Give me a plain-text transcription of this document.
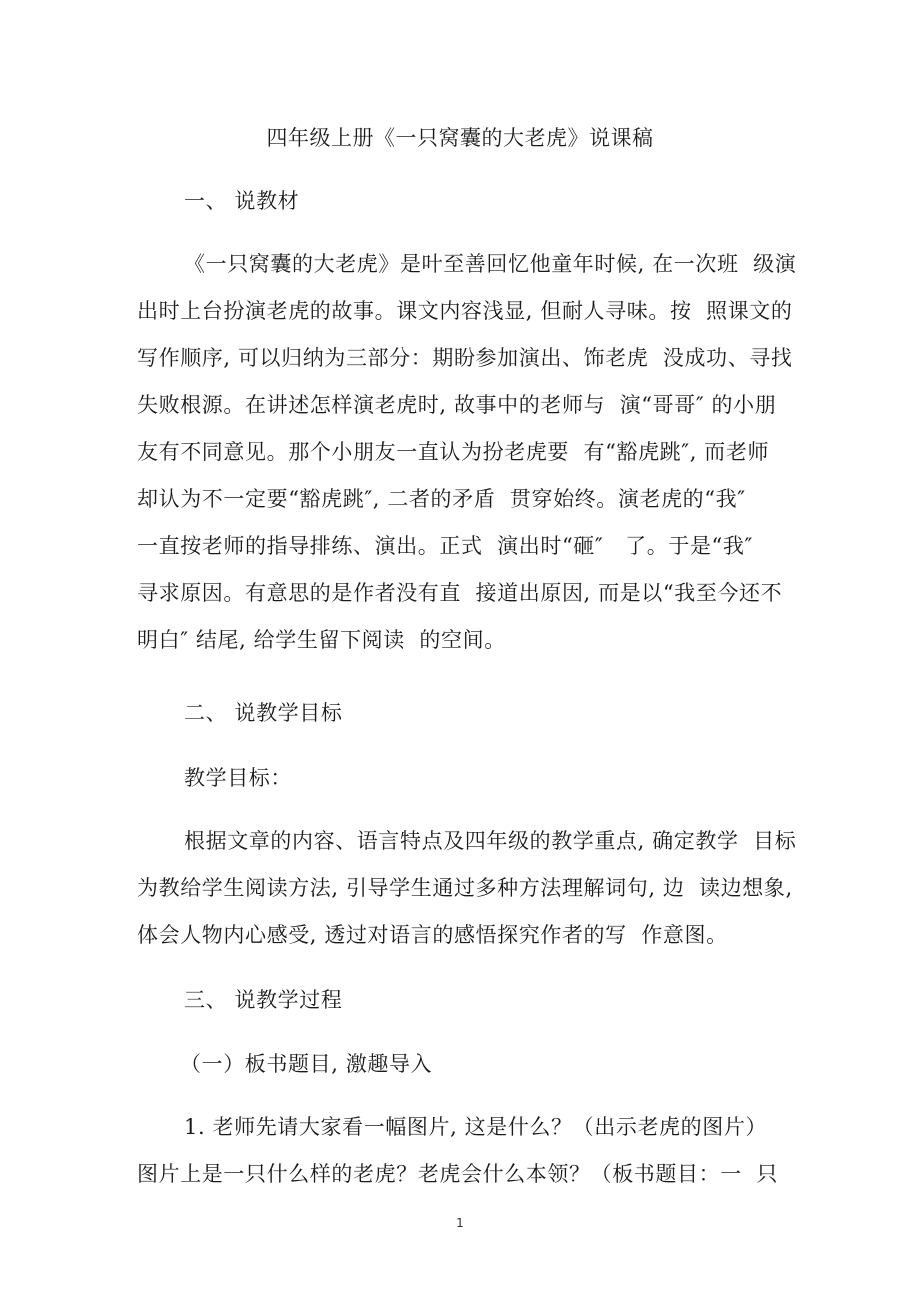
四年级上册《一只窝囊的大老虎》说课稿
一、 说教材
《一只窝囊的大老虎》是叶至善回忆他童年时候, 在一次班  级演
出时上台扮演老虎的故事。课文内容浅显, 但耐人寻味。按  照课文的
写作顺序, 可以归纳为三部分：期盼参加演出、饰老虎  没成功、寻找
失败根源。在讲述怎样演老虎时, 故事中的老师与  演“哥哥″ 的小朋
友有不同意见。那个小朋友一直认为扮老虎要  有“豁虎跳″, 而老师
却认为不一定要“豁虎跳″, 二者的矛盾  贯穿始终。演老虎的“我″
一直按老师的指导排练、演出。正式  演出时“砸″   了。于是“我″
寻求原因。有意思的是作者没有直  接道出原因, 而是以“我至今还不
明白″ 结尾, 给学生留下阅读  的空间。
二、 说教学目标
教学目标：
根据文章的内容、语言特点及四年级的教学重点, 确定教学  目标
为教给学生阅读方法, 引导学生通过多种方法理解词句, 边  读边想象,
体会人物内心感受, 透过对语言的感悟探究作者的写  作意图。
三、 说教学过程
（一）板书题目, 激趣导入
1. 老师先请大家看一幅图片, 这是什么？（出示老虎的图片）
图片上是一只什么样的老虎？老虎会什么本领？（板书题目：一  只
1
